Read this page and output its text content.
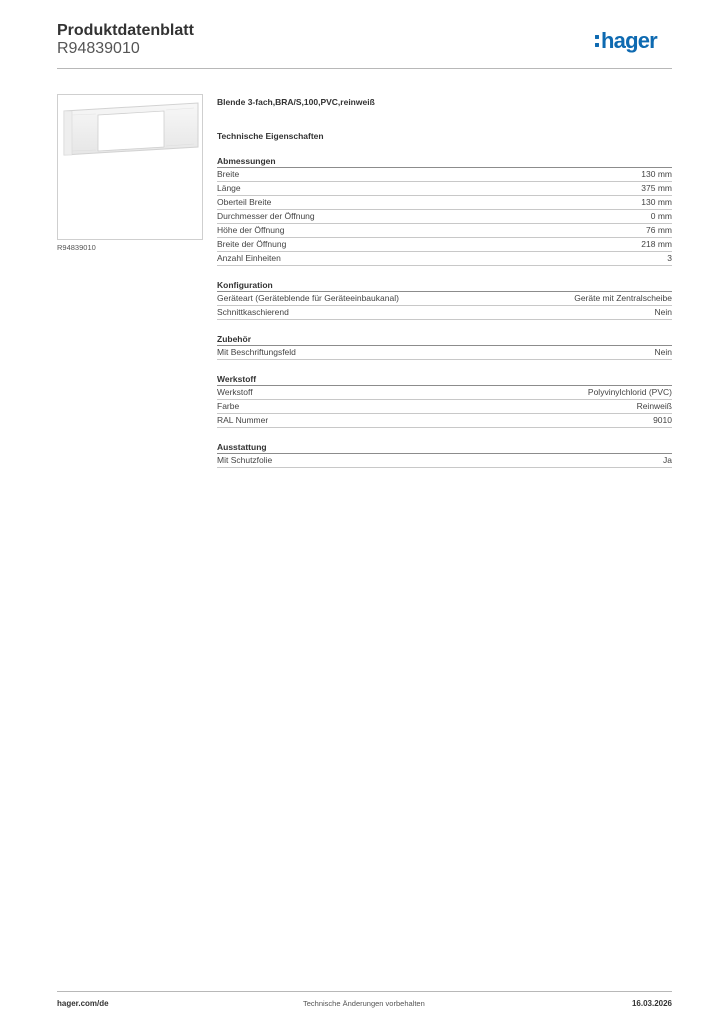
Produktdatenblatt
R94839010	hager
R94839010
Blende 3-fach,BRA/S,100,PVC,reinweiß
Technische Eigenschaften
Abmessungen
Breite	130 mm
Länge	375 mm
Oberteil Breite	130 mm
Durchmesser der Öffnung	0 mm
Höhe der Öffnung	76 mm
Breite der Öffnung	218 mm
Anzahl Einheiten	3
Konfiguration
Geräteart (Geräteblende für Geräteeinbaukanal)	Geräte mit Zentralscheibe
Schnittkaschierend	Nein
Zubehör
Mit Beschriftungsfeld	Nein
Werkstoff
Werkstoff	Polyvinylchlorid (PVC)
Farbe	Reinweiß
RAL Nummer	9010
Ausstattung
Mit Schutzfolie	Ja
hager.com/de	Technische Änderungen vorbehalten	16.03.2026
